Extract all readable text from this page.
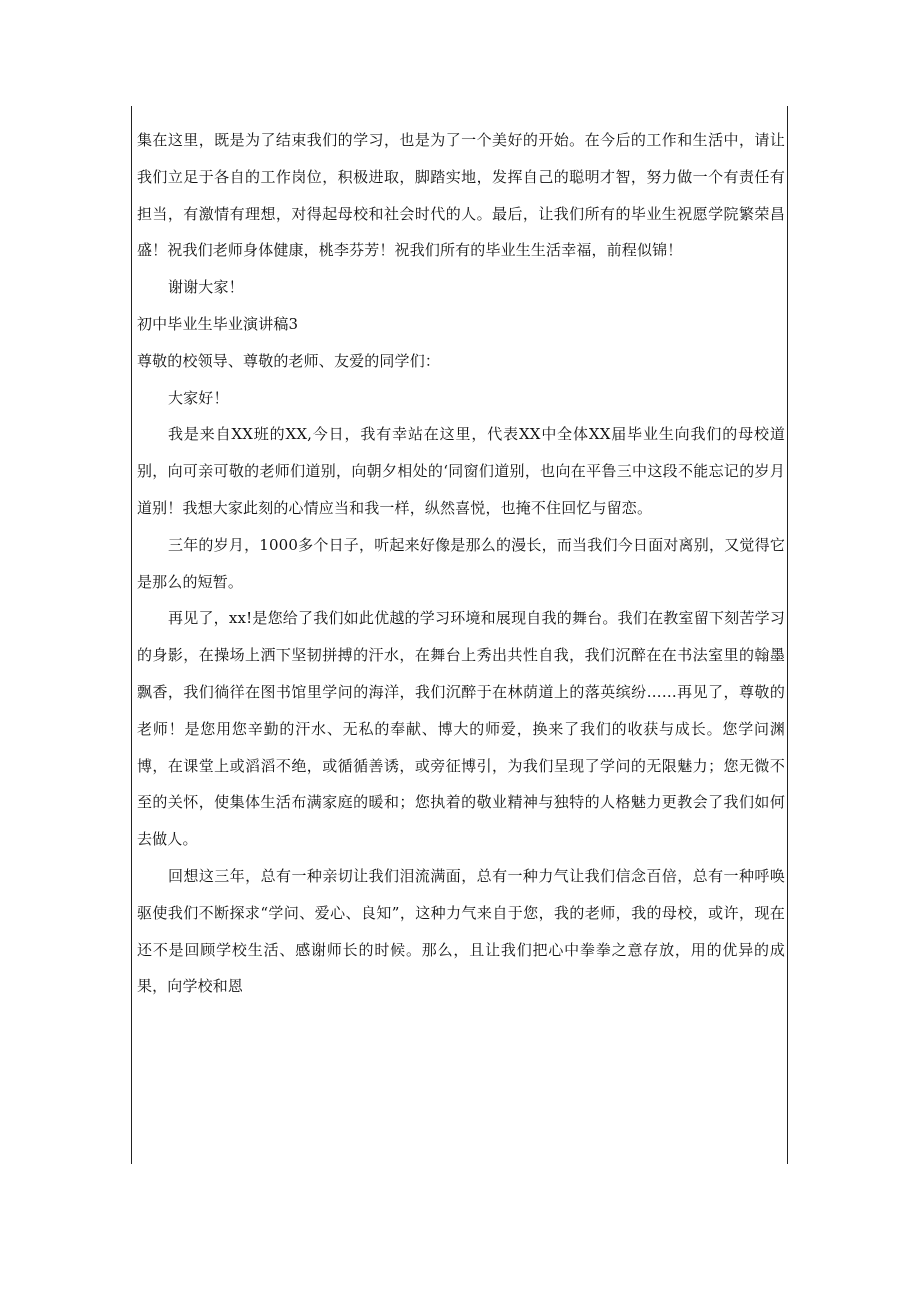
集在这里，既是为了结束我们的学习，也是为了一个美好的开始。在今后的工作和生活中，请让我们立足于各自的工作岗位，积极进取，脚踏实地，发挥自己的聪明才智，努力做一个有责任有担当，有激情有理想，对得起母校和社会时代的人。最后，让我们所有的毕业生祝愿学院繁荣昌盛！祝我们老师身体健康，桃李芬芳！祝我们所有的毕业生生活幸福，前程似锦！

谢谢大家！

初中毕业生毕业演讲稿3

尊敬的校领导、尊敬的老师、友爱的同学们：

大家好！

我是来自XX班的XX,今日，我有幸站在这里，代表XX中全体XX届毕业生向我们的母校道别，向可亲可敬的老师们道别，向朝夕相处的‘同窗们道别，也向在平鲁三中这段不能忘记的岁月道别！我想大家此刻的心情应当和我一样，纵然喜悦，也掩不住回忆与留恋。

三年的岁月，1000多个日子，听起来好像是那么的漫长，而当我们今日面对离别，又觉得它是那么的短暂。

再见了，xx!是您给了我们如此优越的学习环境和展现自我的舞台。我们在教室留下刻苦学习的身影，在操场上洒下坚韧拼搏的汗水，在舞台上秀出共性自我，我们沉醉在在书法室里的翰墨飘香，我们徜徉在图书馆里学问的海洋，我们沉醉于在林荫道上的落英缤纷……再见了，尊敬的老师！是您用您辛勤的汗水、无私的奉献、博大的师爱，换来了我们的收获与成长。您学问渊博，在课堂上或滔滔不绝，或循循善诱，或旁征博引，为我们呈现了学问的无限魅力；您无微不至的关怀，使集体生活布满家庭的暖和；您执着的敬业精神与独特的人格魅力更教会了我们如何去做人。

回想这三年，总有一种亲切让我们泪流满面，总有一种力气让我们信念百倍，总有一种呼唤驱使我们不断探求“学问、爱心、良知”，这种力气来自于您，我的老师，我的母校，或许，现在还不是回顾学校生活、感谢师长的时候。那么，且让我们把心中拳拳之意存放，用的优异的成果，向学校和恩
